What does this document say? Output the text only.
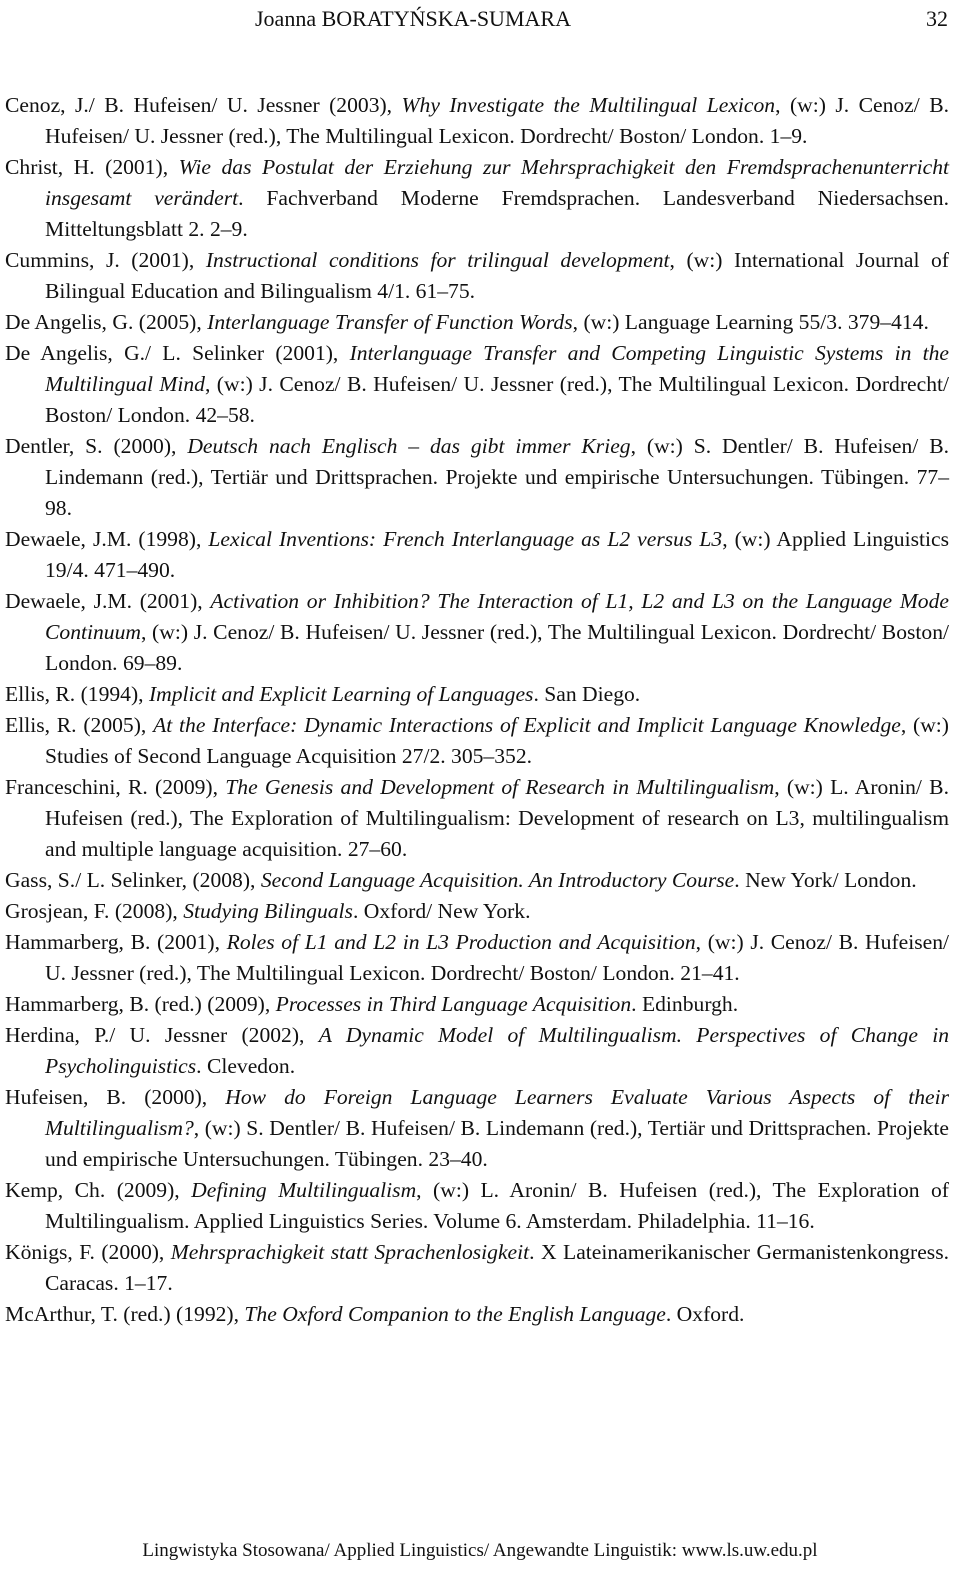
Joanna BORATYŃSKA-SUMARA	32
Cenoz, J./ B. Hufeisen/ U. Jessner (2003), Why Investigate the Multilingual Lexicon, (w:) J. Cenoz/ B. Hufeisen/ U. Jessner (red.), The Multilingual Lexicon. Dordrecht/ Boston/ London. 1–9.
Christ, H. (2001), Wie das Postulat der Erziehung zur Mehrsprachigkeit den Fremdsprachenunterricht insgesamt verändert. Fachverband Moderne Fremdsprachen. Landesverband Niedersachsen. Mitteltungsblatt 2. 2–9.
Cummins, J. (2001), Instructional conditions for trilingual development, (w:) International Journal of Bilingual Education and Bilingualism 4/1. 61–75.
De Angelis, G. (2005), Interlanguage Transfer of Function Words, (w:) Language Learning 55/3. 379–414.
De Angelis, G./ L. Selinker (2001), Interlanguage Transfer and Competing Linguistic Systems in the Multilingual Mind, (w:) J. Cenoz/ B. Hufeisen/ U. Jessner (red.), The Multilingual Lexicon. Dordrecht/ Boston/ London. 42–58.
Dentler, S. (2000), Deutsch nach Englisch – das gibt immer Krieg, (w:) S. Dentler/ B. Hufeisen/ B. Lindemann (red.), Tertiär und Drittsprachen. Projekte und empirische Untersuchungen. Tübingen. 77–98.
Dewaele, J.M. (1998), Lexical Inventions: French Interlanguage as L2 versus L3, (w:) Applied Linguistics 19/4. 471–490.
Dewaele, J.M. (2001), Activation or Inhibition? The Interaction of L1, L2 and L3 on the Language Mode Continuum, (w:) J. Cenoz/ B. Hufeisen/ U. Jessner (red.), The Multilingual Lexicon. Dordrecht/ Boston/ London. 69–89.
Ellis, R. (1994), Implicit and Explicit Learning of Languages. San Diego.
Ellis, R. (2005), At the Interface: Dynamic Interactions of Explicit and Implicit Language Knowledge, (w:) Studies of Second Language Acquisition 27/2. 305–352.
Franceschini, R. (2009), The Genesis and Development of Research in Multilingualism, (w:) L. Aronin/ B. Hufeisen (red.), The Exploration of Multilingualism: Development of research on L3, multilingualism and multiple language acquisition. 27–60.
Gass, S./ L. Selinker, (2008), Second Language Acquisition. An Introductory Course. New York/ London.
Grosjean, F. (2008), Studying Bilinguals. Oxford/ New York.
Hammarberg, B. (2001), Roles of L1 and L2 in L3 Production and Acquisition, (w:) J. Cenoz/ B. Hufeisen/ U. Jessner (red.), The Multilingual Lexicon. Dordrecht/ Boston/ London. 21–41.
Hammarberg, B. (red.) (2009), Processes in Third Language Acquisition. Edinburgh.
Herdina, P./ U. Jessner (2002), A Dynamic Model of Multilingualism. Perspectives of Change in Psycholinguistics. Clevedon.
Hufeisen, B. (2000), How do Foreign Language Learners Evaluate Various Aspects of their Multilingualism?, (w:) S. Dentler/ B. Hufeisen/ B. Lindemann (red.), Tertiär und Drittsprachen. Projekte und empirische Untersuchungen. Tübingen. 23–40.
Kemp, Ch. (2009), Defining Multilingualism, (w:) L. Aronin/ B. Hufeisen (red.), The Exploration of Multilingualism. Applied Linguistics Series. Volume 6. Amsterdam. Philadelphia. 11–16.
Königs, F. (2000), Mehrsprachigkeit statt Sprachenlosigkeit. X Lateinamerikanischer Germanistenkongress. Caracas. 1–17.
McArthur, T. (red.) (1992), The Oxford Companion to the English Language. Oxford.
Lingwistyka Stosowana/ Applied Linguistics/ Angewandte Linguistik: www.ls.uw.edu.pl
